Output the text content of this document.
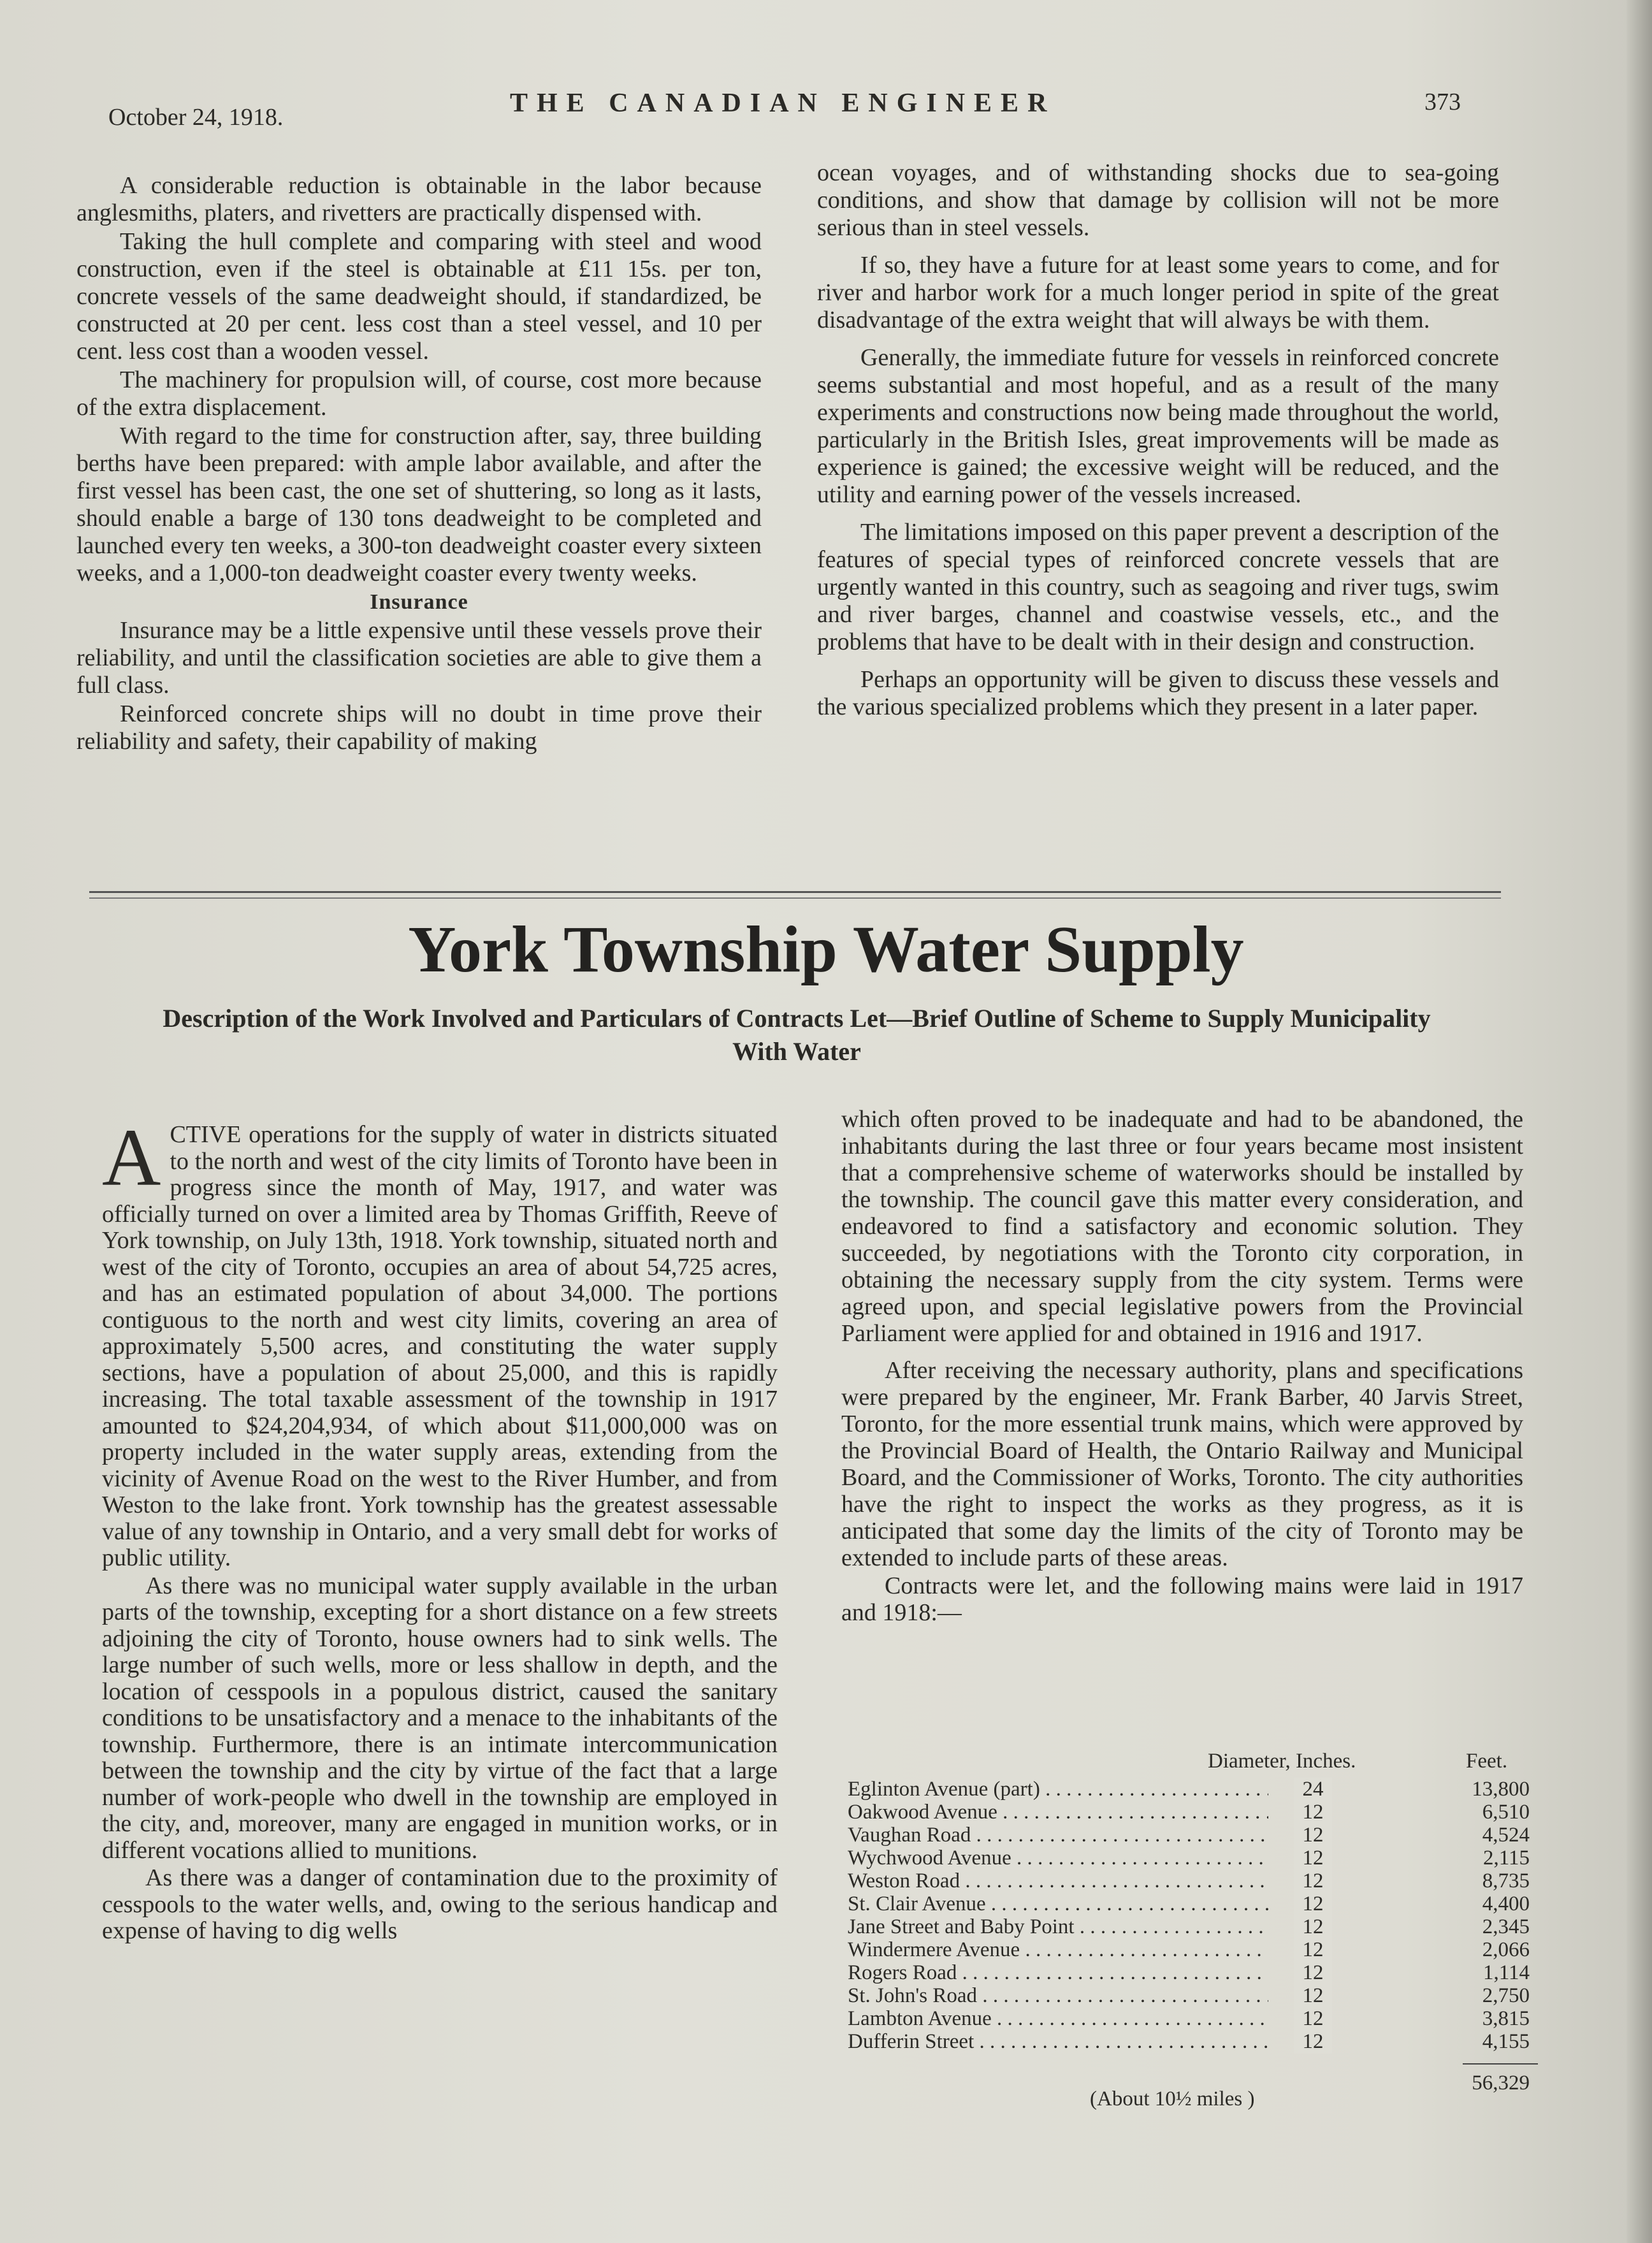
October 24, 1918.	THE CANADIAN ENGINEER	373

A considerable reduction is obtainable in the labor because anglesmiths, platers, and rivetters are practically dispensed with.

Taking the hull complete and comparing with steel and wood construction, even if the steel is obtainable at £11 15s. per ton, concrete vessels of the same deadweight should, if standardized, be constructed at 20 per cent. less cost than a steel vessel, and 10 per cent. less cost than a wooden vessel.

The machinery for propulsion will, of course, cost more because of the extra displacement.

With regard to the time for construction after, say, three building berths have been prepared: with ample labor available, and after the first vessel has been cast, the one set of shuttering, so long as it lasts, should enable a barge of 130 tons deadweight to be completed and launched every ten weeks, a 300-ton deadweight coaster every sixteen weeks, and a 1,000-ton deadweight coaster every twenty weeks.

Insurance

Insurance may be a little expensive until these vessels prove their reliability, and until the classification societies are able to give them a full class.

Reinforced concrete ships will no doubt in time prove their reliability and safety, their capability of making

ocean voyages, and of withstanding shocks due to sea-going conditions, and show that damage by collision will not be more serious than in steel vessels.

If so, they have a future for at least some years to come, and for river and harbor work for a much longer period in spite of the great disadvantage of the extra weight that will always be with them.

Generally, the immediate future for vessels in reinforced concrete seems substantial and most hopeful, and as a result of the many experiments and constructions now being made throughout the world, particularly in the British Isles, great improvements will be made as experience is gained; the excessive weight will be reduced, and the utility and earning power of the vessels increased.

The limitations imposed on this paper prevent a description of the features of special types of reinforced concrete vessels that are urgently wanted in this country, such as seagoing and river tugs, swim and river barges, channel and coastwise vessels, etc., and the problems that have to be dealt with in their design and construction.

Perhaps an opportunity will be given to discuss these vessels and the various specialized problems which they present in a later paper.

York Township Water Supply
Description of the Work Involved and Particulars of Contracts Let—Brief Outline of Scheme to Supply Municipality With Water

ACTIVE operations for the supply of water in districts situated to the north and west of the city limits of Toronto have been in progress since the month of May, 1917, and water was officially turned on over a limited area by Thomas Griffith, Reeve of York township, on July 13th, 1918. York township, situated north and west of the city of Toronto, occupies an area of about 54,725 acres, and has an estimated population of about 34,000. The portions contiguous to the north and west city limits, covering an area of approximately 5,500 acres, and constituting the water supply sections, have a population of about 25,000, and this is rapidly increasing. The total taxable assessment of the township in 1917 amounted to $24,204,934, of which about $11,000,000 was on property included in the water supply areas, extending from the vicinity of Avenue Road on the west to the River Humber, and from Weston to the lake front. York township has the greatest assessable value of any township in Ontario, and a very small debt for works of public utility.

As there was no municipal water supply available in the urban parts of the township, excepting for a short distance on a few streets adjoining the city of Toronto, house owners had to sink wells. The large number of such wells, more or less shallow in depth, and the location of cesspools in a populous district, caused the sanitary conditions to be unsatisfactory and a menace to the inhabitants of the township. Furthermore, there is an intimate intercommunication between the township and the city by virtue of the fact that a large number of work-people who dwell in the township are employed in the city, and, moreover, many are engaged in munition works, or in different vocations allied to munitions.

As there was a danger of contamination due to the proximity of cesspools to the water wells, and, owing to the serious handicap and expense of having to dig wells

which often proved to be inadequate and had to be abandoned, the inhabitants during the last three or four years became most insistent that a comprehensive scheme of waterworks should be installed by the township. The council gave this matter every consideration, and endeavored to find a satisfactory and economic solution. They succeeded, by negotiations with the Toronto city corporation, in obtaining the necessary supply from the city system. Terms were agreed upon, and special legislative powers from the Provincial Parliament were applied for and obtained in 1916 and 1917.

After receiving the necessary authority, plans and specifications were prepared by the engineer, Mr. Frank Barber, 40 Jarvis Street, Toronto, for the more essential trunk mains, which were approved by the Provincial Board of Health, the Ontario Railway and Municipal Board, and the Commissioner of Works, Toronto. The city authorities have the right to inspect the works as they progress, as it is anticipated that some day the limits of the city of Toronto may be extended to include parts of these areas.

Contracts were let, and the following mains were laid in 1917 and 1918:—

Diameter, Inches.	Feet.
Eglinton Avenue (part) . . .	24	13,800
Oakwood Avenue . . .	12	6,510
Vaughan Road . . .	12	4,524
Wychwood Avenue . . .	12	2,115
Weston Road . . .	12	8,735
St. Clair Avenue . . .	12	4,400
Jane Street and Baby Point . . .	12	2,345
Windermere Avenue . . .	12	2,066
Rogers Road . . .	12	1,114
St. John's Road . . .	12	2,750
Lambton Avenue . . .	12	3,815
Dufferin Street . . .	12	4,155
56,329
(About 10½ miles )
